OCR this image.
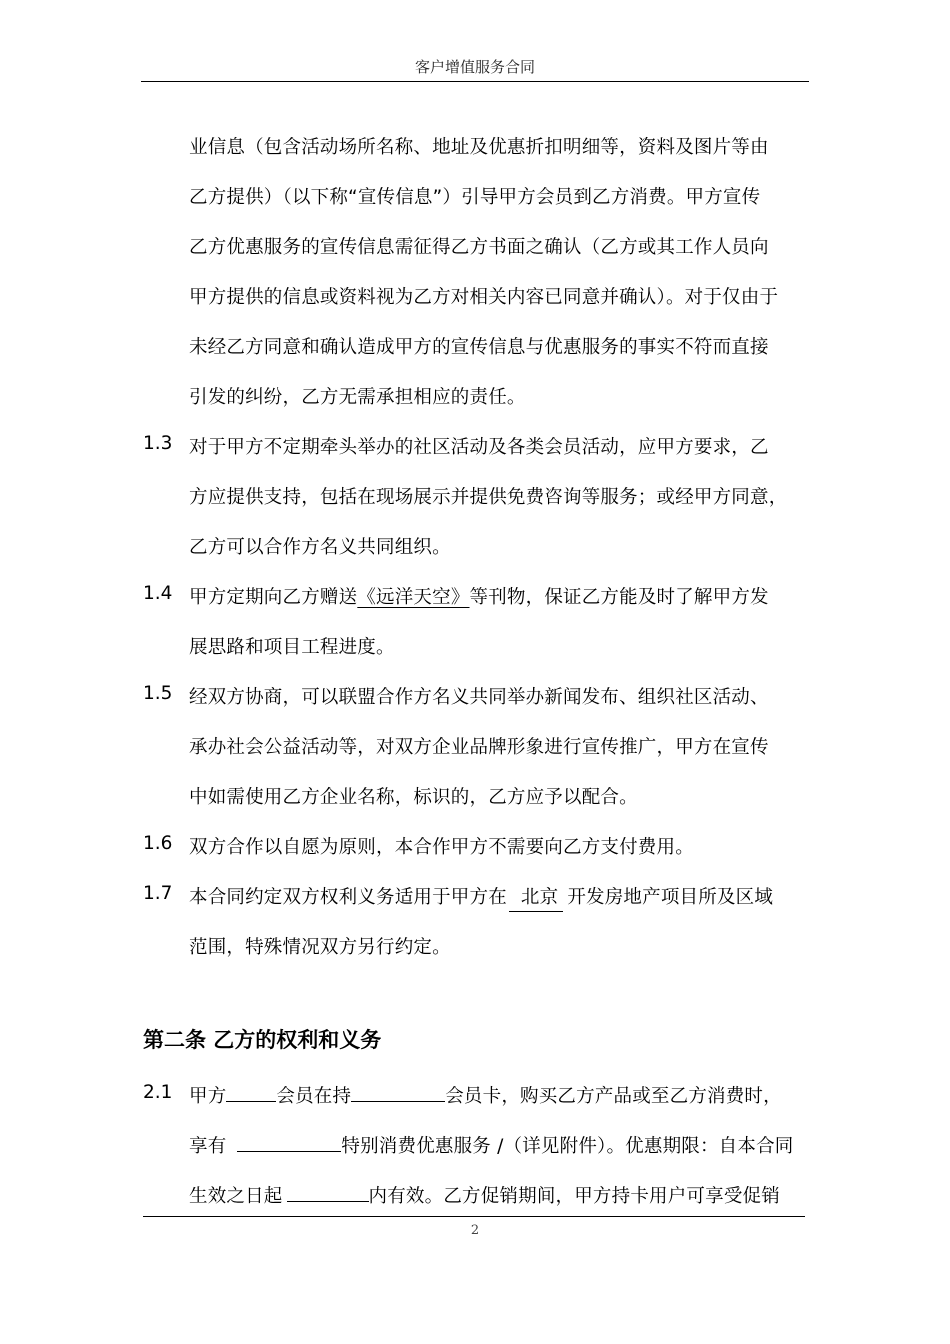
客户增值服务合同
业信息（包含活动场所名称、地址及优惠折扣明细等，资料及图片等由
乙方提供）（以下称“宣传信息”）引导甲方会员到乙方消费。甲方宣传
乙方优惠服务的宣传信息需征得乙方书面之确认（乙方或其工作人员向
甲方提供的信息或资料视为乙方对相关内容已同意并确认）。对于仅由于
未经乙方同意和确认造成甲方的宣传信息与优惠服务的事实不符而直接
引发的纠纷，乙方无需承担相应的责任。
1.3 对于甲方不定期牵头举办的社区活动及各类会员活动，应甲方要求，乙
方应提供支持，包括在现场展示并提供免费咨询等服务；或经甲方同意，
乙方可以合作方名义共同组织。
1.4 甲方定期向乙方赠送《远洋天空》等刊物，保证乙方能及时了解甲方发
展思路和项目工程进度。
1.5 经双方协商，可以联盟合作方名义共同举办新闻发布、组织社区活动、
承办社会公益活动等，对双方企业品牌形象进行宣传推广，甲方在宣传
中如需使用乙方企业名称，标识的，乙方应予以配合。
1.6 双方合作以自愿为原则，本合作甲方不需要向乙方支付费用。
1.7 本合同约定双方权利义务适用于甲方在 北京 开发房地产项目所及区域
范围，特殊情况双方另行约定。
第二条 乙方的权利和义务
2.1 甲方	会员在持	会员卡，购买乙方产品或至乙方消费时，
享有	特别消费优惠服务 /（详见附件）。优惠期限：自本合同
生效之日起	内有效。乙方促销期间，甲方持卡用户可享受促销
2
